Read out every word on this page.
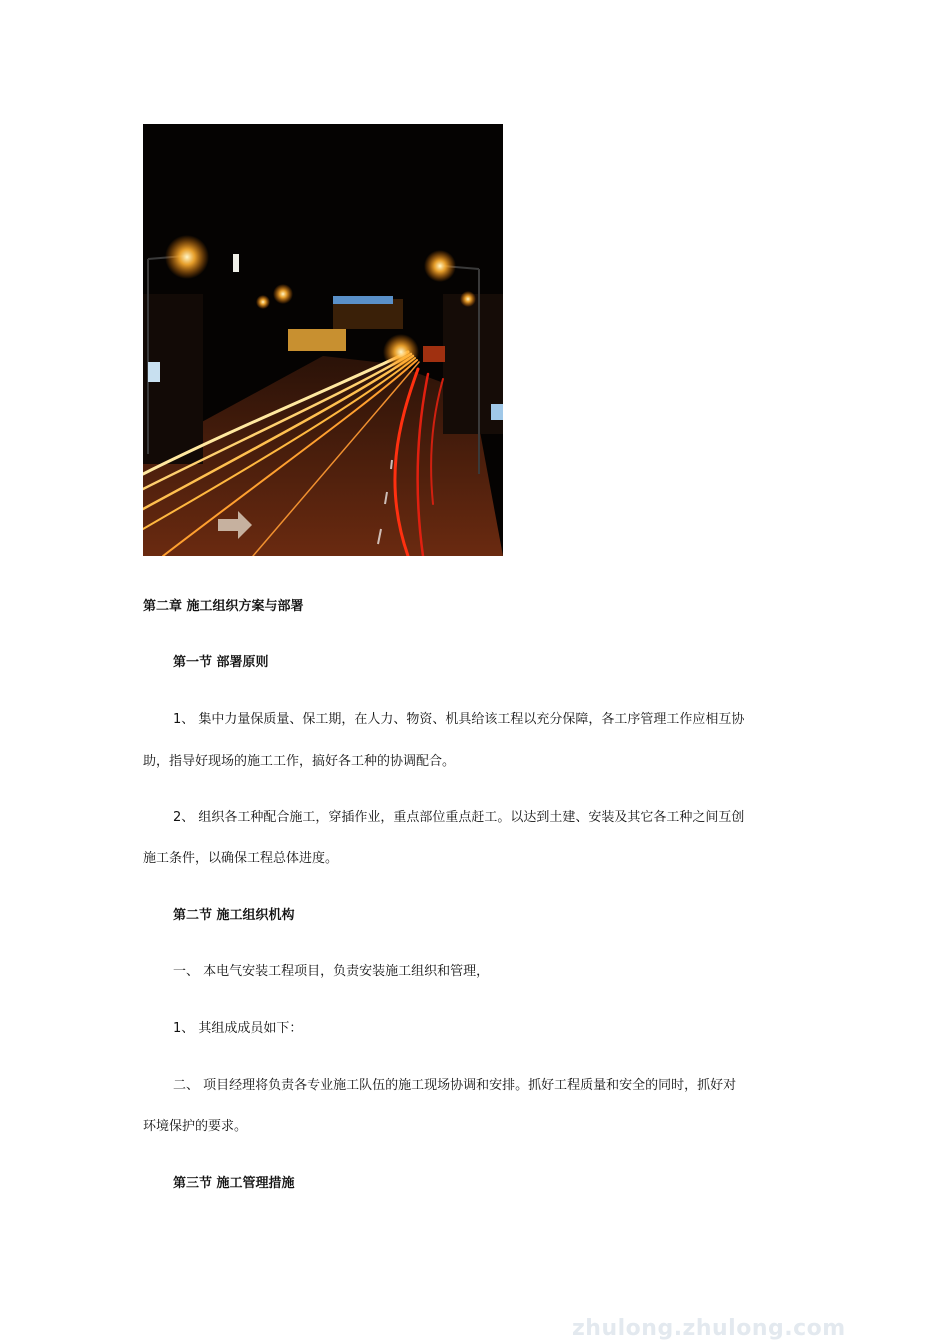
第二章 施工组织方案与部署
第一节 部署原则
1、 集中力量保质量、保工期，在人力、物资、机具给该工程以充分保障，各工序管理工作应相互协
助，指导好现场的施工工作，搞好各工种的协调配合。
2、 组织各工种配合施工，穿插作业，重点部位重点赶工。以达到土建、安装及其它各工种之间互创
施工条件，以确保工程总体进度。
第二节 施工组织机构
一、 本电气安装工程项目，负责安装施工组织和管理，
1、 其组成成员如下：
二、 项目经理将负责各专业施工队伍的施工现场协调和安排。抓好工程质量和安全的同时，抓好对
环境保护的要求。
第三节 施工管理措施
zhulong.zhulong.com
